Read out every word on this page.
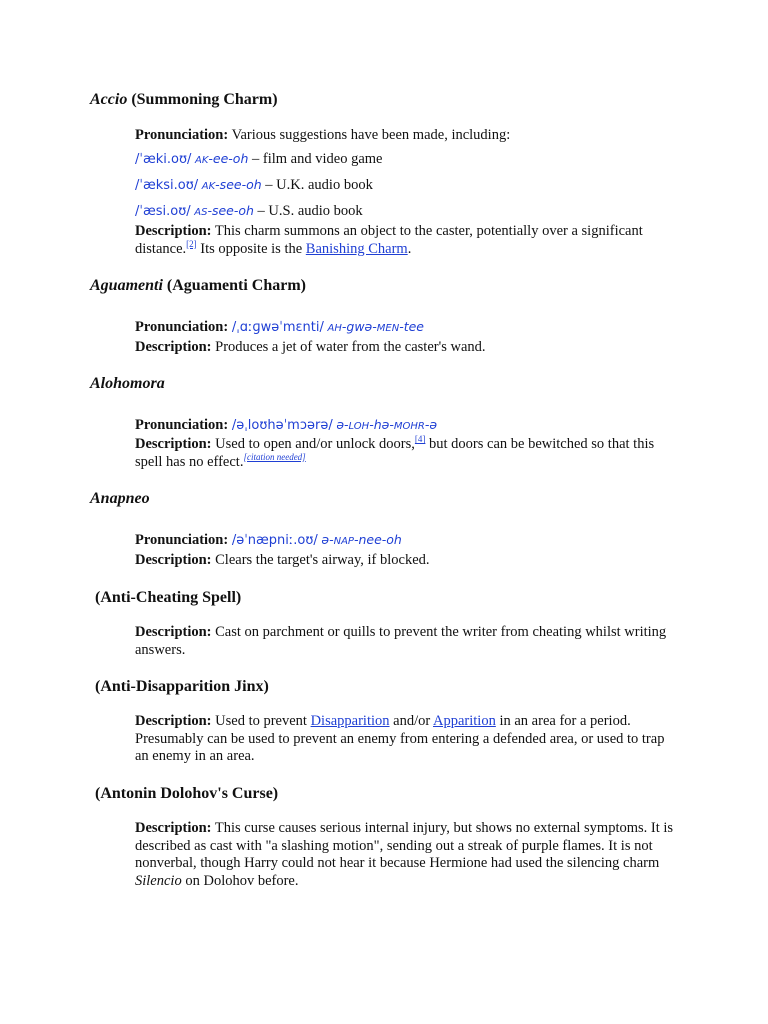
Accio (Summoning Charm)

Pronunciation: Various suggestions have been made, including:

/ˈæki.oʊ/ AK-ee-oh – film and video game

/ˈæksi.oʊ/ AK-see-oh – U.K. audio book

/ˈæsi.oʊ/ AS-see-oh – U.S. audio book

Description: This charm summons an object to the caster, potentially over a significant distance.[2] Its opposite is the Banishing Charm.

Aguamenti (Aguamenti Charm)

Pronunciation: /ˌɑːɡwəˈmɛnti/ AH-gwə-MEN-tee

Description: Produces a jet of water from the caster's wand.

Alohomora

Pronunciation: /əˌloʊhəˈmɔərə/ ə-LOH-hə-MOHR-ə

Description: Used to open and/or unlock doors,[4] but doors can be bewitched so that this spell has no effect.[citation needed]

Anapneo

Pronunciation: /əˈnæpniː.oʊ/ ə-NAP-nee-oh

Description: Clears the target's airway, if blocked.

(Anti-Cheating Spell)

Description: Cast on parchment or quills to prevent the writer from cheating whilst writing answers.

(Anti-Disapparition Jinx)

Description: Used to prevent Disapparition and/or Apparition in an area for a period. Presumably can be used to prevent an enemy from entering a defended area, or used to trap an enemy in an area.

(Antonin Dolohov's Curse)

Description: This curse causes serious internal injury, but shows no external symptoms. It is described as cast with "a slashing motion", sending out a streak of purple flames. It is not nonverbal, though Harry could not hear it because Hermione had used the silencing charm Silencio on Dolohov before.
